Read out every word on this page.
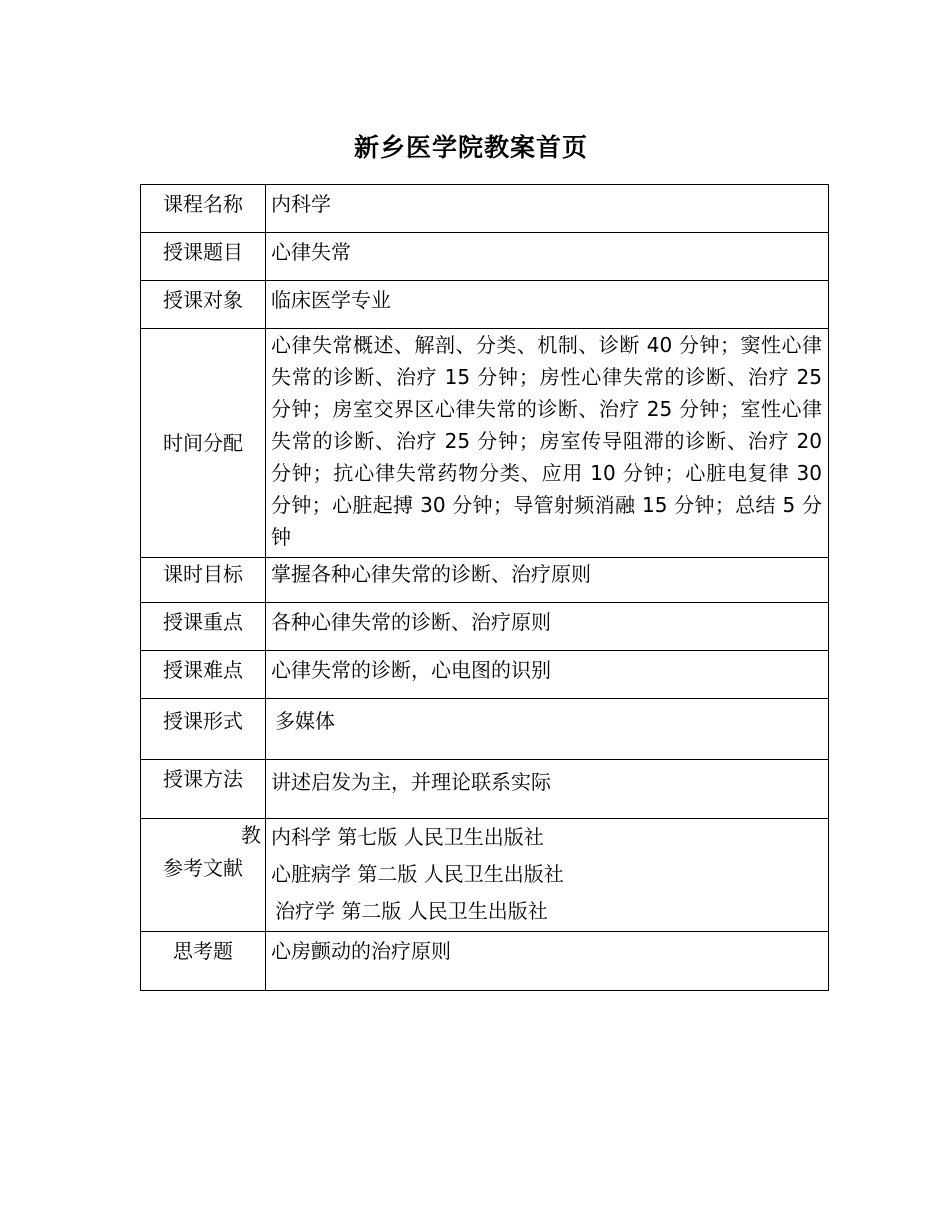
新乡医学院教案首页
课程名称	内科学
授课题目	心律失常
授课对象	临床医学专业
时间分配	心律失常概述、解剖、分类、机制、诊断 40 分钟；窦性心律失常的诊断、治疗 15 分钟；房性心律失常的诊断、治疗 25 分钟；房室交界区心律失常的诊断、治疗 25 分钟；室性心律失常的诊断、治疗 25 分钟；房室传导阻滞的诊断、治疗 20 分钟；抗心律失常药物分类、应用 10 分钟；心脏电复律 30 分钟；心脏起搏 30 分钟；导管射频消融 15 分钟；总结 5 分钟

课时目标	掌握各种心律失常的诊断、治疗原则
授课重点	各种心律失常的诊断、治疗原则
授课难点	心律失常的诊断，心电图的识别
授课形式	多媒体
授课方法	讲述启发为主，并理论联系实际

教
参考文献	内科学 第七版 人民卫生出版社
心脏病学 第二版 人民卫生出版社
治疗学 第二版 人民卫生出版社

思考题	心房颤动的治疗原则
